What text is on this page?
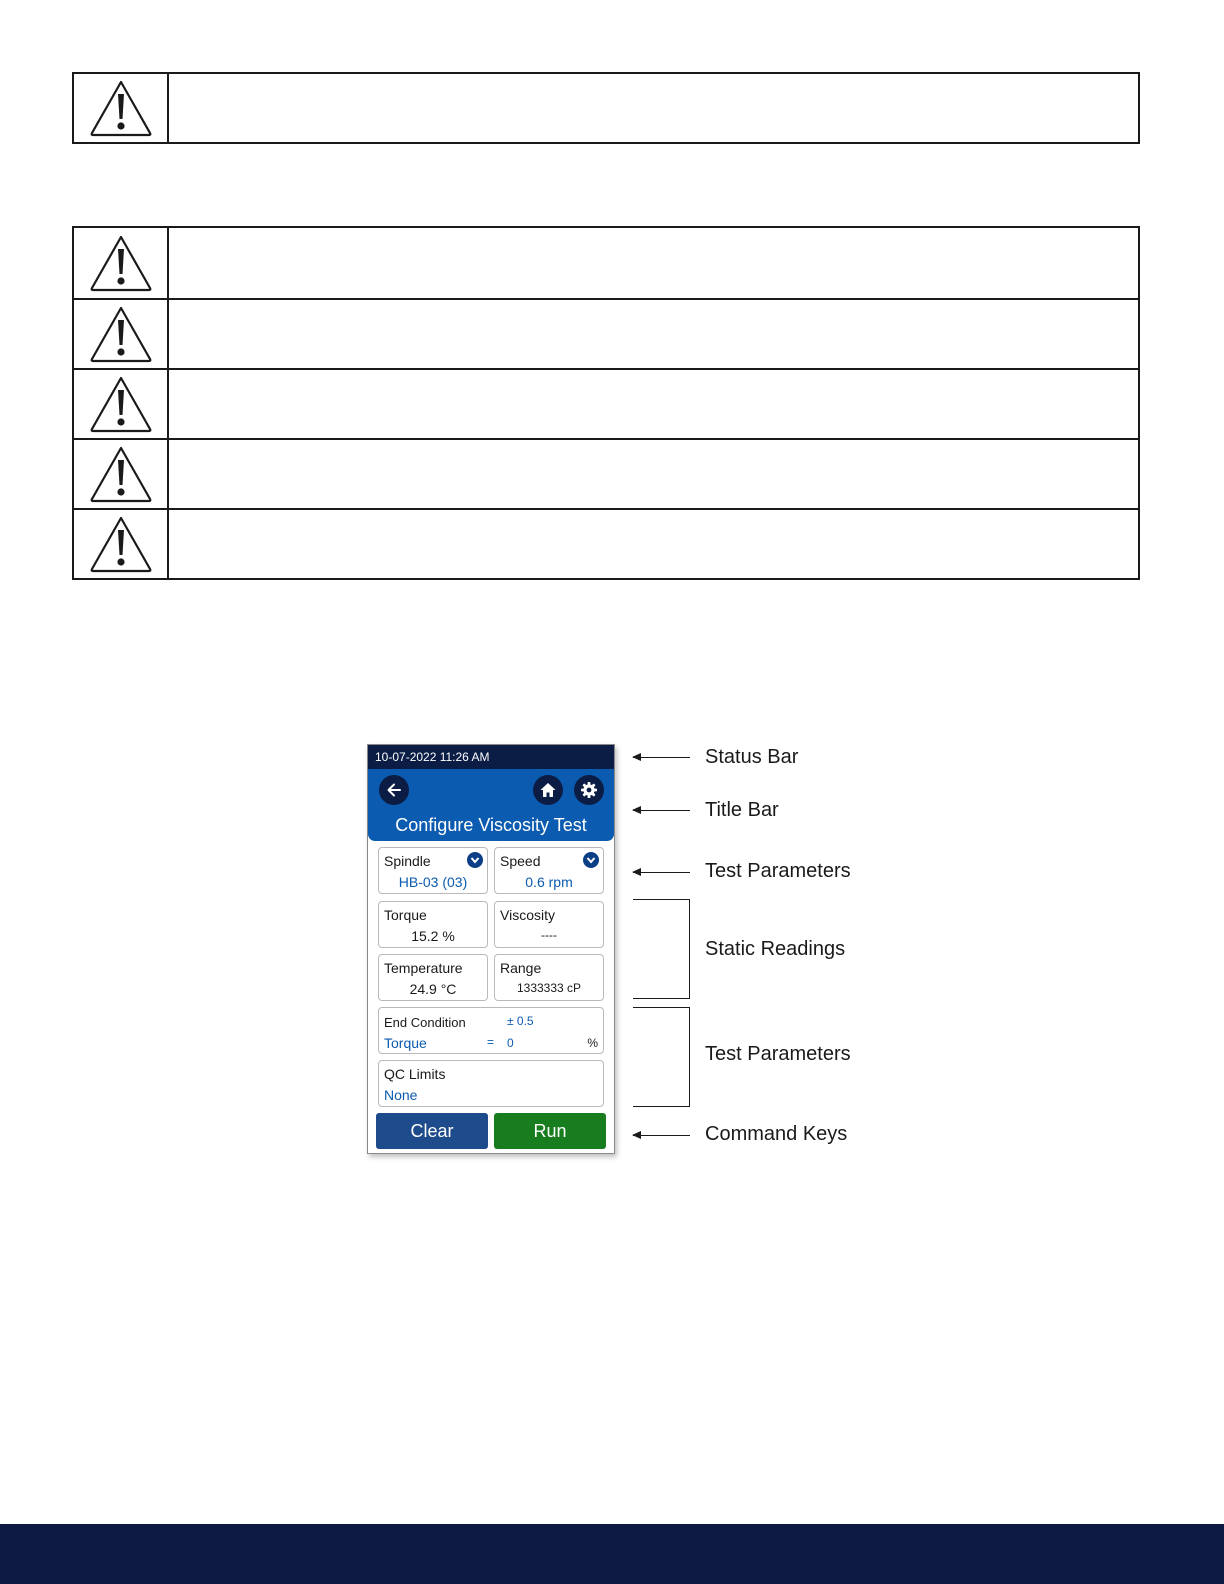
10-07-2022 11:26 AM
Configure Viscosity Test
Spindle
HB-03 (03)
Speed
0.6 rpm
Torque
15.2 %
Viscosity
----
Temperature
24.9 °C
Range
1333333 cP
End Condition	± 0.5
Torque	= 0	%
QC Limits
None
Clear	Run
Status Bar
Title Bar
Test Parameters
Static Readings
Test Parameters
Command Keys
